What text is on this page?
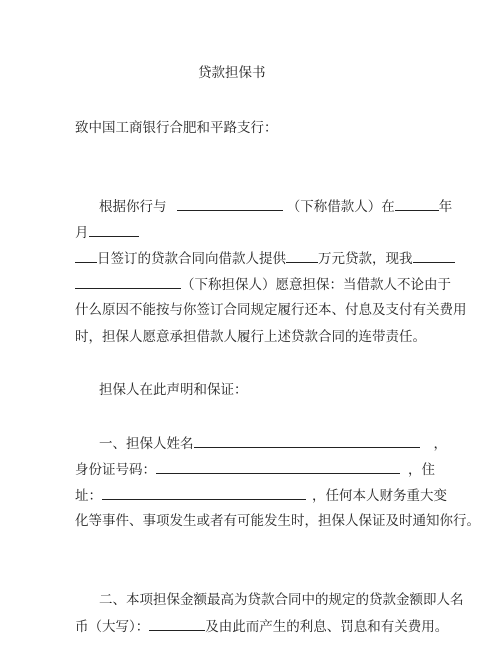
贷款担保书
致中国工商银行合肥和平路支行：
根据你行与	（下称借款人）在	年
月
日签订的贷款合同向借款人提供 万元贷款，现我
（下称担保人）愿意担保：当借款人不论由于
什么原因不能按与你签订合同规定履行还本、付息及支付有关费用
时，担保人愿意承担借款人履行上述贷款合同的连带责任。
担保人在此声明和保证：
一、担保人姓名	，
身份证号码：	，住
址：	，任何本人财务重大变
化等事件、事项发生或者有可能发生时，担保人保证及时通知你行。
二、本项担保金额最高为贷款合同中的规定的贷款金额即人名
币（大写）：	及由此而产生的利息、罚息和有关费用。
